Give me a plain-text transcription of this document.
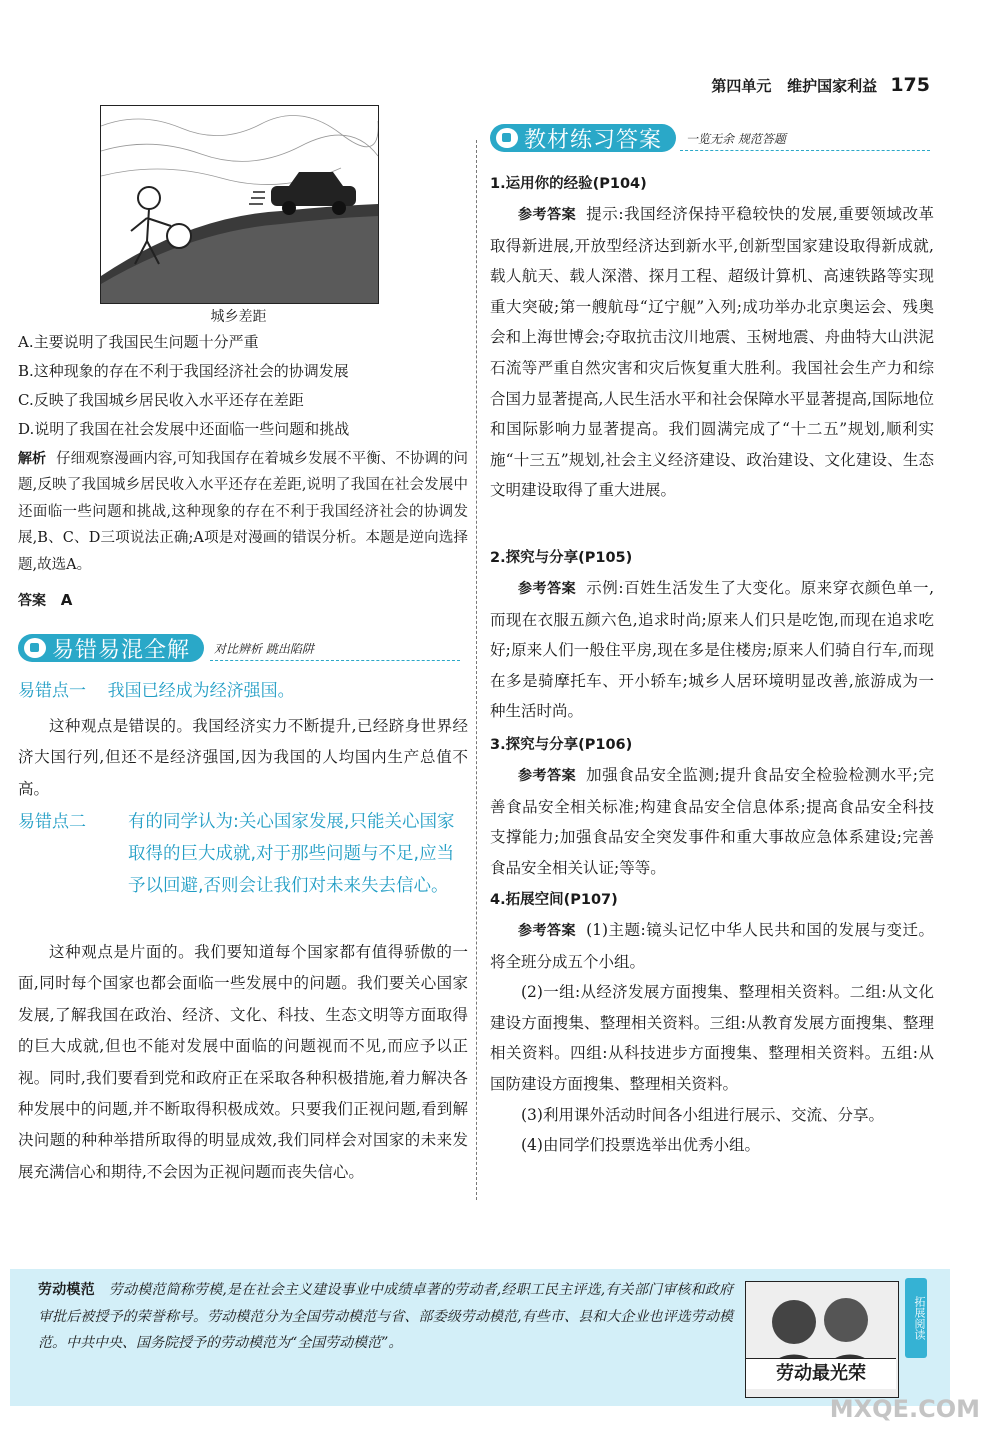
第四单元 维护国家利益 175
城乡差距
A.主要说明了我国民生问题十分严重
B.这种现象的存在不利于我国经济社会的协调发展
C.反映了我国城乡居民收入水平还存在差距
D.说明了我国在社会发展中还面临一些问题和挑战
解析 仔细观察漫画内容,可知我国存在着城乡发展不平衡、不协调的问题,反映了我国城乡居民收入水平还存在差距,说明了我国在社会发展中还面临一些问题和挑战,这种现象的存在不利于我国经济社会的协调发展,B、C、D三项说法正确;A项是对漫画的错误分析。本题是逆向选择题,故选A。
答案 A
易错易混全解 对比辨析 跳出陷阱
易错点一 我国已经成为经济强国。
这种观点是错误的。我国经济实力不断提升,已经跻身世界经济大国行列,但还不是经济强国,因为我国的人均国内生产总值不高。
易错点二	有的同学认为:关心国家发展,只能关心国家取得的巨大成就,对于那些问题与不足,应当予以回避,否则会让我们对未来失去信心。
这种观点是片面的。我们要知道每个国家都有值得骄傲的一面,同时每个国家也都会面临一些发展中的问题。我们要关心国家发展,了解我国在政治、经济、文化、科技、生态文明等方面取得的巨大成就,但也不能对发展中面临的问题视而不见,而应予以正视。同时,我们要看到党和政府正在采取各种积极措施,着力解决各种发展中的问题,并不断取得积极成效。只要我们正视问题,看到解决问题的种种举措所取得的明显成效,我们同样会对国家的未来发展充满信心和期待,不会因为正视问题而丧失信心。
教材练习答案 一览无余 规范答题
1.运用你的经验(P104)
参考答案 提示:我国经济保持平稳较快的发展,重要领域改革取得新进展,开放型经济达到新水平,创新型国家建设取得新成就,载人航天、载人深潜、探月工程、超级计算机、高速铁路等实现重大突破;第一艘航母“辽宁舰”入列;成功举办北京奥运会、残奥会和上海世博会;夺取抗击汶川地震、玉树地震、舟曲特大山洪泥石流等严重自然灾害和灾后恢复重大胜利。我国社会生产力和综合国力显著提高,人民生活水平和社会保障水平显著提高,国际地位和国际影响力显著提高。我们圆满完成了“十二五”规划,顺利实施“十三五”规划,社会主义经济建设、政治建设、文化建设、生态文明建设取得了重大进展。
2.探究与分享(P105)
参考答案 示例:百姓生活发生了大变化。原来穿衣颜色单一,而现在衣服五颜六色,追求时尚;原来人们只是吃饱,而现在追求吃好;原来人们一般住平房,现在多是住楼房;原来人们骑自行车,而现在多是骑摩托车、开小轿车;城乡人居环境明显改善,旅游成为一种生活时尚。
3.探究与分享(P106)
参考答案 加强食品安全监测;提升食品安全检验检测水平;完善食品安全相关标准;构建食品安全信息体系;提高食品安全科技支撑能力;加强食品安全突发事件和重大事故应急体系建设;完善食品安全相关认证;等等。
4.拓展空间(P107)
参考答案 (1)主题:镜头记忆中华人民共和国的发展与变迁。将全班分成五个小组。
(2)一组:从经济发展方面搜集、整理相关资料。二组:从文化建设方面搜集、整理相关资料。三组:从教育发展方面搜集、整理相关资料。四组:从科技进步方面搜集、整理相关资料。五组:从国防建设方面搜集、整理相关资料。
(3)利用课外活动时间各小组进行展示、交流、分享。
(4)由同学们投票选举出优秀小组。
劳动模范 劳动模范简称劳模,是在社会主义建设事业中成绩卓著的劳动者,经职工民主评选,有关部门审核和政府审批后被授予的荣誉称号。劳动模范分为全国劳动模范与省、部委级劳动模范,有些市、县和大企业也评选劳动模范。中共中央、国务院授予的劳动模范为“全国劳动模范”。
劳动最光荣
拓展阅读
MXQE.COM
